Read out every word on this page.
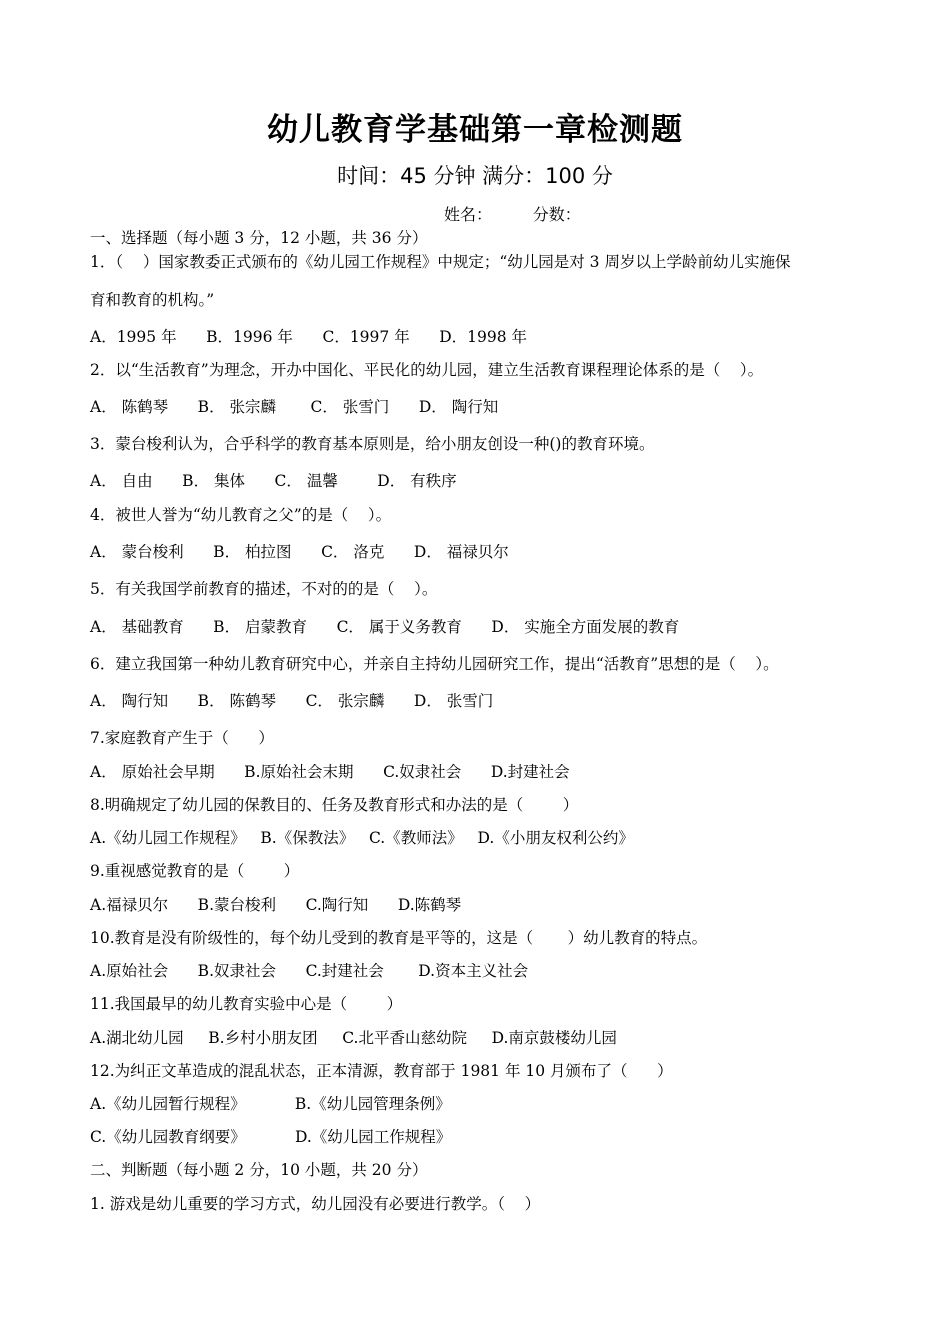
幼儿教育学基础第一章检测题
时间：45 分钟 满分：100 分
姓名：        分数：
一、选择题（每小题 3 分，12 小题，共 36 分）
1．（    ）国家教委正式颁布的《幼儿园工作规程》中规定；“幼儿园是对 3 周岁以上学龄前幼儿实施保
育和教育的机构。”
A．1995 年      B．1996 年      C．1997 年      D．1998 年
2．以“生活教育”为理念，开办中国化、平民化的幼儿园，建立生活教育课程理论体系的是（    ）。
A． 陈鹤琴      B． 张宗麟       C． 张雪门      D． 陶行知
3．蒙台梭利认为，合乎科学的教育基本原则是，给小朋友创设一种()的教育环境。
A． 自由      B． 集体      C． 温馨        D． 有秩序
4．被世人誉为“幼儿教育之父”的是（    ）。
A． 蒙台梭利      B． 柏拉图      C． 洛克      D． 福禄贝尔
5．有关我国学前教育的描述，不对的的是（    ）。
A． 基础教育      B． 启蒙教育      C． 属于义务教育      D． 实施全方面发展的教育
6．建立我国第一种幼儿教育研究中心，并亲自主持幼儿园研究工作，提出“活教育”思想的是（    ）。
A． 陶行知      B． 陈鹤琴      C． 张宗麟      D． 张雪门
7.家庭教育产生于（      ）
A． 原始社会早期      B.原始社会末期      C.奴隶社会      D.封建社会
8.明确规定了幼儿园的保教目的、任务及教育形式和办法的是（        ）
A.《幼儿园工作规程》   B.《保教法》   C.《教师法》   D.《小朋友权利公约》
9.重视感觉教育的是（        ）
A.福禄贝尔      B.蒙台梭利      C.陶行知      D.陈鹤琴
10.教育是没有阶级性的，每个幼儿受到的教育是平等的，这是（       ）幼儿教育的特点。
A.原始社会      B.奴隶社会      C.封建社会       D.资本主义社会
11.我国最早的幼儿教育实验中心是（        ）
A.湖北幼儿园     B.乡村小朋友团     C.北平香山慈幼院     D.南京鼓楼幼儿园
12.为纠正文革造成的混乱状态，正本清源，教育部于 1981 年 10 月颁布了（      ）
A.《幼儿园暂行规程》          B.《幼儿园管理条例》
C.《幼儿园教育纲要》          D.《幼儿园工作规程》
二、判断题（每小题 2 分，10 小题，共 20 分）
1. 游戏是幼儿重要的学习方式，幼儿园没有必要进行教学。（    ）
